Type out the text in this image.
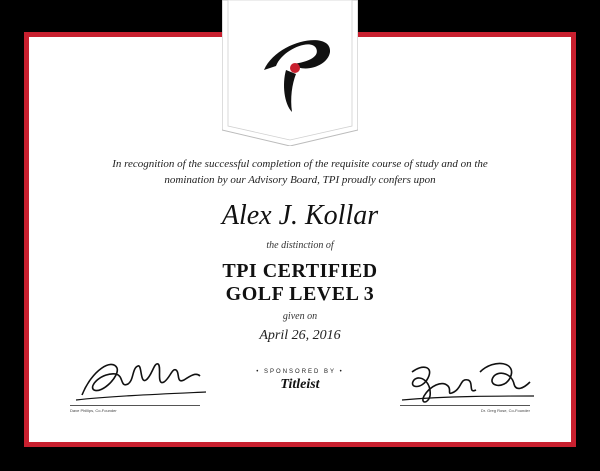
In recognition of the successful completion of the requisite course of study and on the
nomination by our Advisory Board, TPI proudly confers upon
Alex J. Kollar
the distinction of
TPI CERTIFIED
GOLF LEVEL 3
given on
April 26, 2016
Dave Phillips, Co-Founder
• SPONSORED BY •
Titleist
Dr. Greg Rose, Co-Founder
